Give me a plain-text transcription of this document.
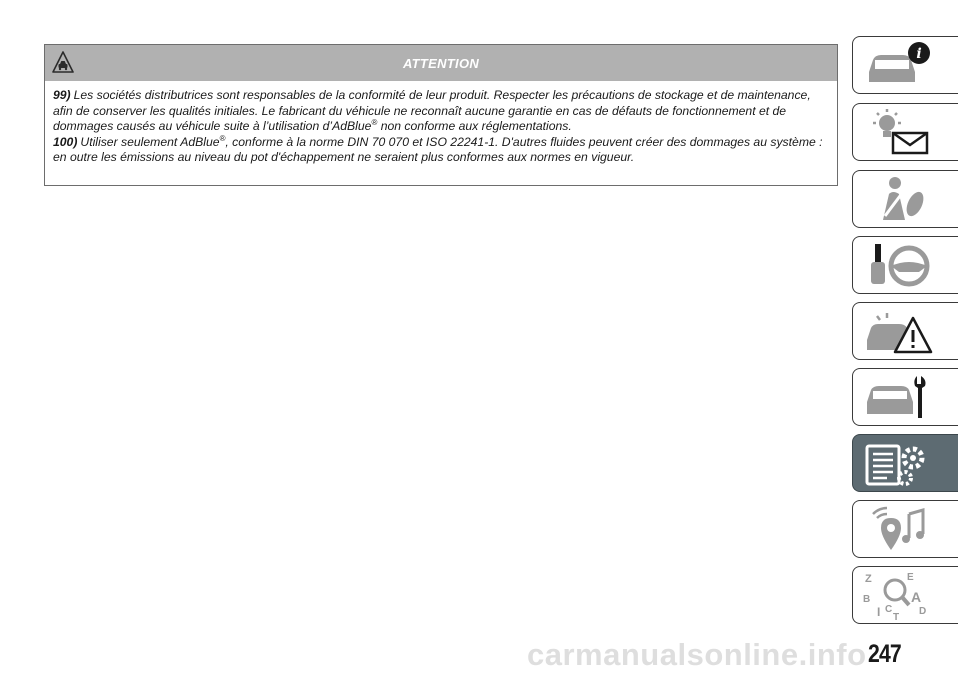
ATTENTION

99) Les sociétés distributrices sont responsables de la conformité de leur produit. Respecter les précautions de stockage et de maintenance, afin de conserver les qualités initiales. Le fabricant du véhicule ne reconnaît aucune garantie en cas de défauts de fonctionnement et de dommages causés au véhicule suite à l’utilisation d’AdBlue® non conforme aux réglementations.

100) Utiliser seulement AdBlue®, conforme à la norme DIN 70 070 et ISO 22241-1. D'autres fluides peuvent créer des dommages au système : en outre les émissions au niveau du pot d'échappement ne seraient plus conformes aux normes en vigueur.

i
Z	E
B	A
D
I C
T
247
carmanualsonline.info
